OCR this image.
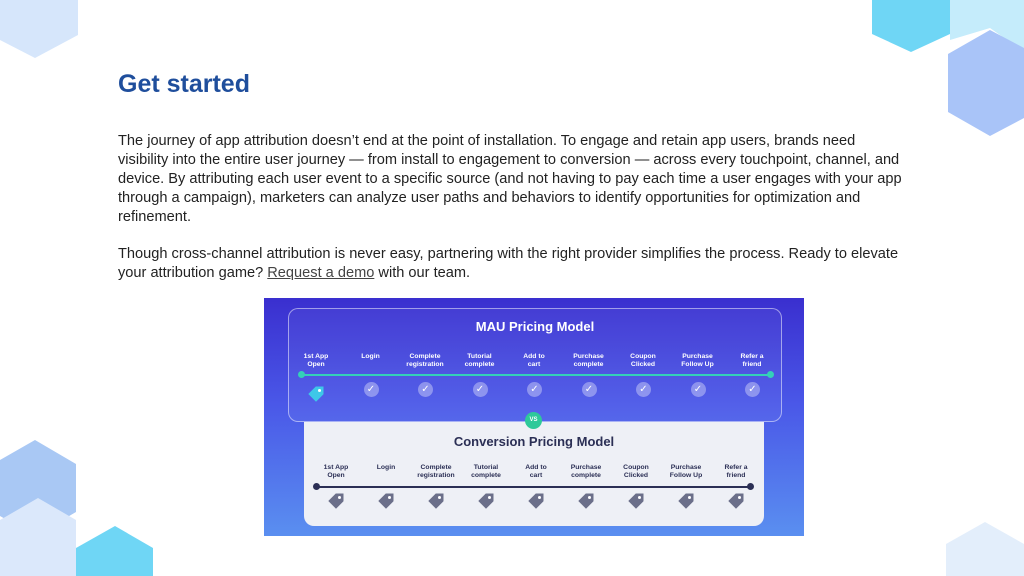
Get started

The journey of app attribution doesn’t end at the point of installation. To engage and retain app users, brands need visibility into the entire user journey — from install to engagement to conversion — across every touchpoint, channel, and device. By attributing each user event to a specific source (and not having to pay each time a user engages with your app through a campaign), marketers can analyze user paths and behaviors to identify opportunities for optimization and refinement.

Though cross-channel attribution is never easy, partnering with the right provider simplifies the process. Ready to elevate your attribution game? Request a demo with our team.

MAU Pricing Model
1st App
Open
Login
✓
Complete
registration
✓
Tutorial
complete
✓
Add to
cart
✓
Purchase
complete
✓
Coupon
Clicked
✓
Purchase
Follow Up
✓
Refer a
friend
✓
Conversion Pricing Model
1st App
Open
Login	Complete
registration
Tutorial
complete
Add to
cart
Purchase
complete
Coupon
Clicked
Purchase
Follow Up
Refer a
friend
VS
